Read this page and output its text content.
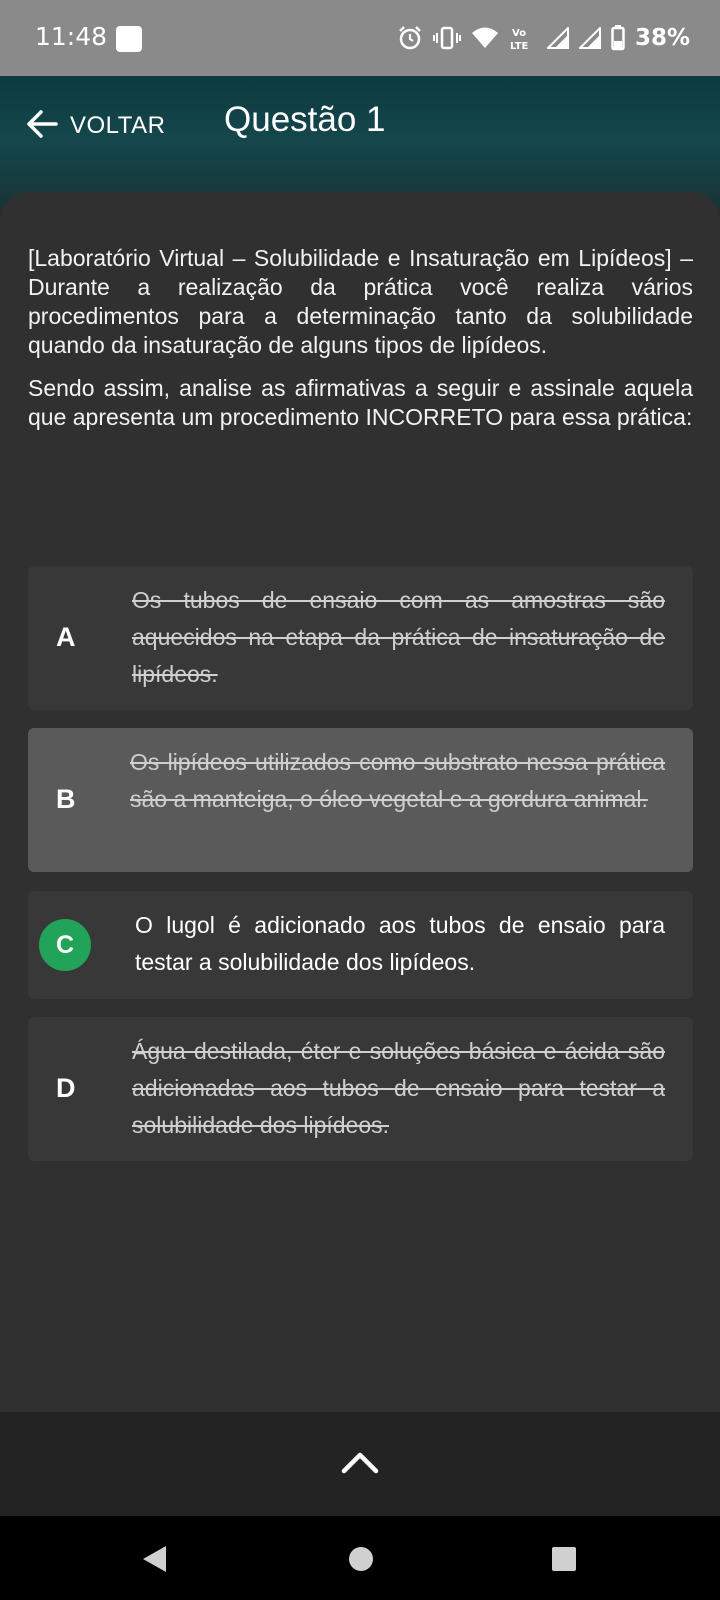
11:48	Vo
LTE	38%
VOLTAR Questão 1

[Laboratório Virtual – Solubilidade e Insaturação em Lipídeos] – Durante a realização da prática você realiza vários procedimentos para a determinação tanto da solubilidade quando da insaturação de alguns tipos de lipídeos.

Sendo assim, analise as afirmativas a seguir e assinale aquela que apresenta um procedimento INCORRETO para essa prática:

A
Os tubos de ensaio com as amostras são aquecidos na etapa da prática de insaturação de lipídeos.
B
Os lipídeos utilizados como substrato nessa prática são a manteiga, o óleo vegetal e a gordura animal.
C
O lugol é adicionado aos tubos de ensaio para testar a solubilidade dos lipídeos.
D
Água destilada, éter e soluções básica e ácida são adicionadas aos tubos de ensaio para testar a solubilidade dos lipídeos.
